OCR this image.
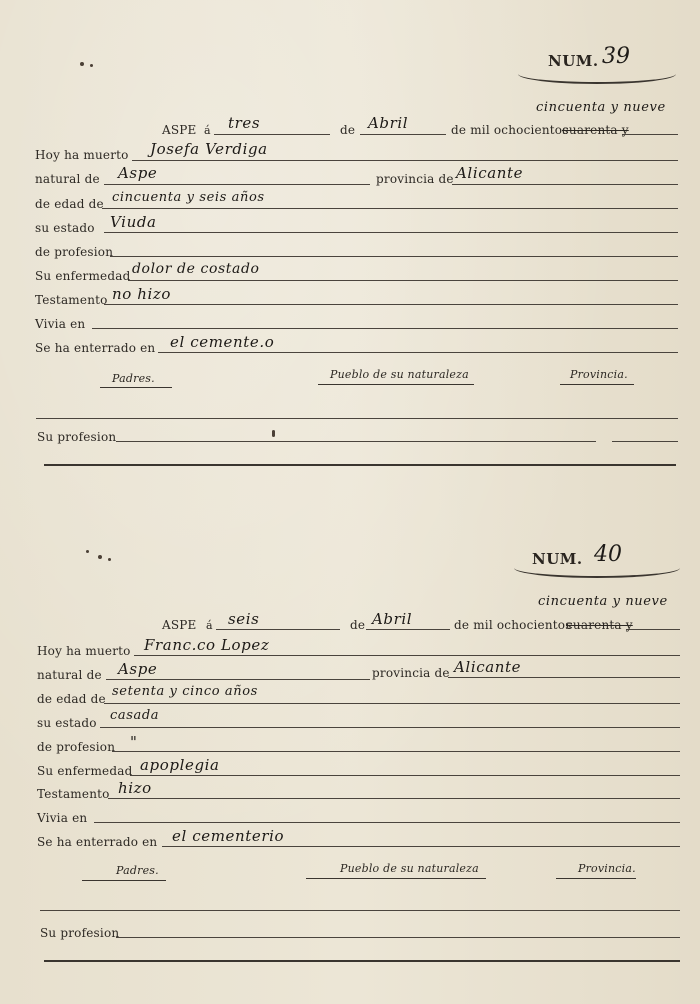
NUM. 39
cincuenta y nueve
ASPE á tres	de Abril	de mil ochocientos
cuarenta y
Hoy ha muerto Josefa Verdiga
natural de Aspe	provincia de Alicante
de edad de cincuenta y seis años
su estado Viuda
de profesion
Su enfermedad dolor de costado
Testamento no hizo
Vivia en
Se ha enterrado en el cemente.o
Padres.	Pueblo de su naturaleza	Provincia.
Su profesion
NUM. 40
cincuenta y nueve
ASPE á seis	de Abril	de mil ochocientos
cuarenta y
Hoy ha muerto Franc.co Lopez
natural de Aspe	provincia de Alicante
de edad de setenta y cinco años
su estado casada
de profesion "
Su enfermedad apoplegia
Testamento hizo
Vivia en
Se ha enterrado en el cementerio
Padres.	Pueblo de su naturaleza	Provincia.
Su profesion
